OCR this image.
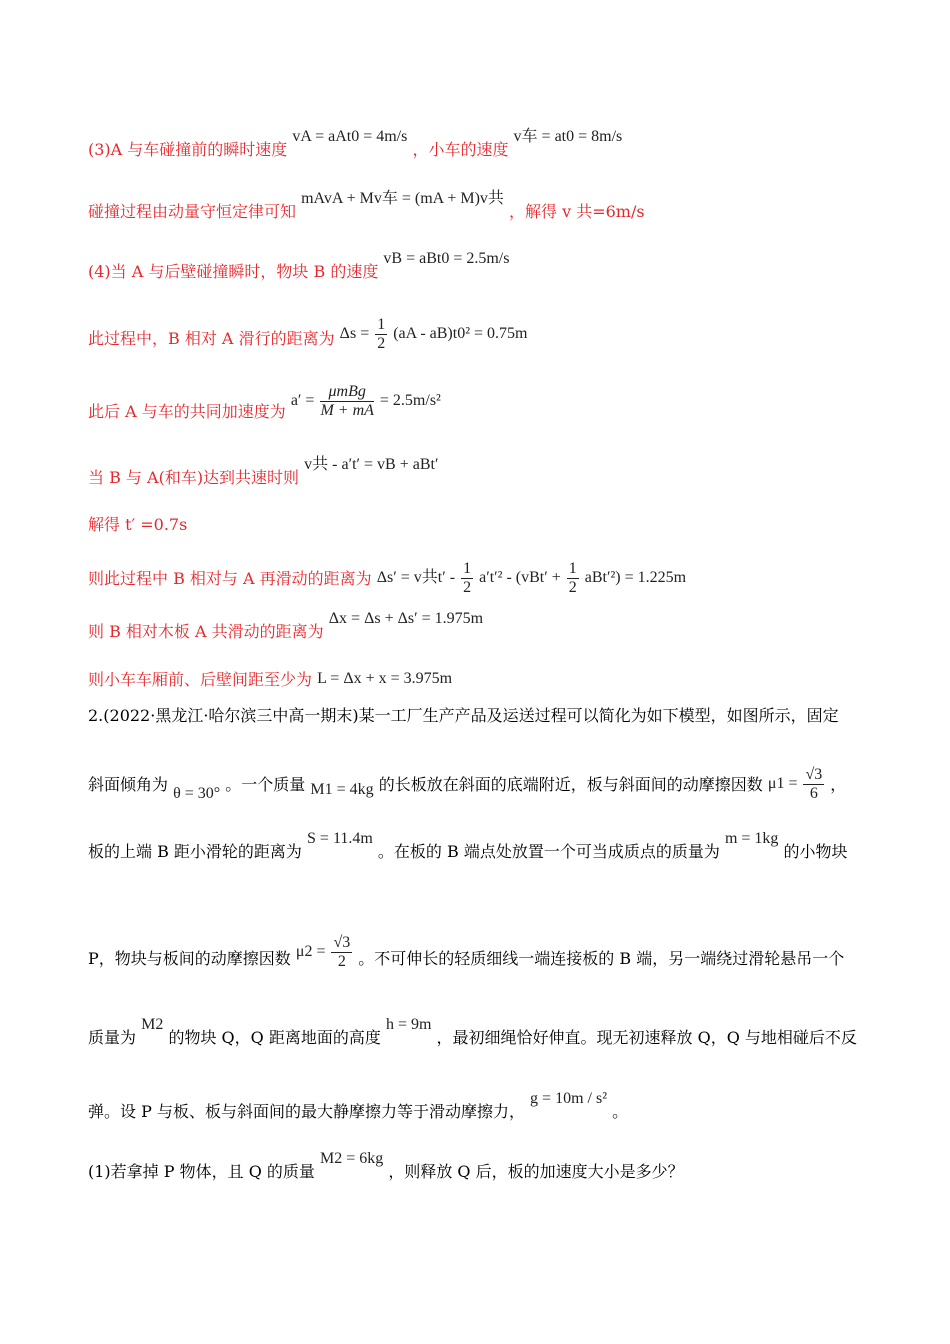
(3)A 与车碰撞前的瞬时速度 vA = aAt0 = 4m/s ，小车的速度 v车 = at0 = 8m/s
碰撞过程由动量守恒定律可知 mAvA + Mv车 = (mA + M)v共 ，解得 v 共=6m/s
(4)当 A 与后壁碰撞瞬时，物块 B 的速度 vB = aBt0 = 2.5m/s
此过程中，B 相对 A 滑行的距离为 $\Delta s = \frac{1}{2} (aA - aB)t0^2 = 0.75m$
此后 A 与车的共同加速度为 $a' = \frac{\text{μmBg}}{M + mA} = 2.5m/s^2$
当 B 与 A(和车)达到共速时则 v共 - a′t′ = vB + aBt′
解得 t′ =0.7s
则此过程中 B 相对与 A 再滑动的距离为 Δs′ = v共$t' - \frac{1}{2} a't'^2 - (vBt' + \frac{1}{2} aBt'^2) = 1.225m$
则 B 相对木板 A 共滑动的距离为 Δx = Δs + Δs′ = 1.975m
则小车车厢前、后壁间距至少为 L = Δx + x = 3.975m
2.(2022·黑龙江·哈尔滨三中高一期末)某一工厂生产产品及运送过程可以简化为如下模型，如图所示，固定
斜面倾角为 θ = 30° 。一个质量 M1 = 4kg 的长板放在斜面的底端附近，板与斜面间的动摩擦因数 $\mu 1 = \frac{√3}{6}$ ，
板的上端 B 距小滑轮的距离为 S = 11.4m 。在板的 B 端点处放置一个可当成质点的质量为 m = 1kg 的小物块
P，物块与板间的动摩擦因数 $\mu 2 = \frac{√3}{2}$ 。不可伸长的轻质细线一端连接板的 B 端，另一端绕过滑轮悬吊一个
质量为 M2 的物块 Q，Q 距离地面的高度 h = 9m ，最初细绳恰好伸直。现无初速释放 Q，Q 与地相碰后不反
弹。设 P 与板、板与斜面间的最大静摩擦力等于滑动摩擦力， g = 10m / s² 。
(1)若拿掉 P 物体，且 Q 的质量 M2 = 6kg ，则释放 Q 后，板的加速度大小是多少？
